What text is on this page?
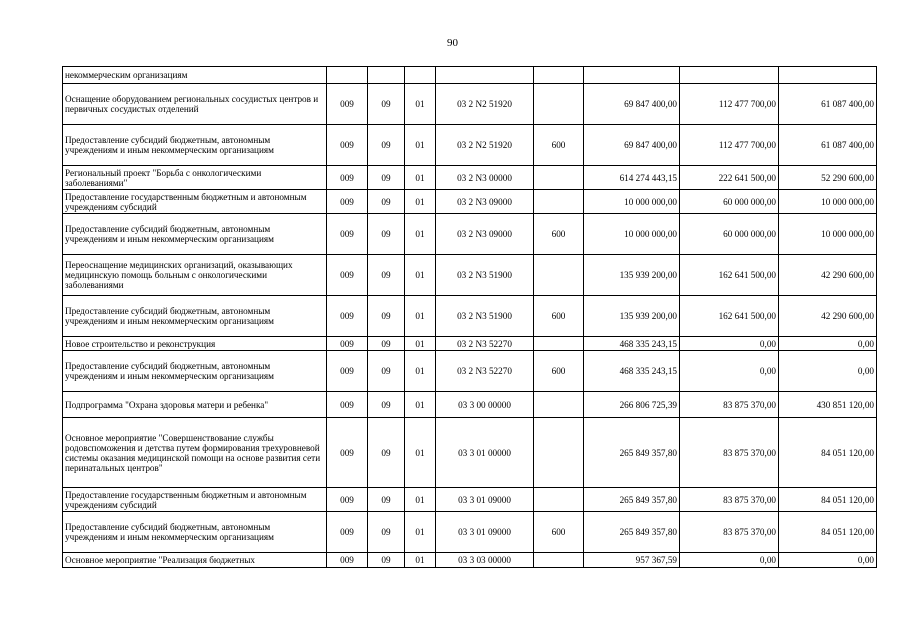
90
некоммерческим организациям								
Оснащение оборудованием региональных сосудистых центров и первичных сосудистых отделений	009	09	01	03 2 N2 51920		69 847 400,00	112 477 700,00	61 087 400,00
Предоставление субсидий бюджетным, автономным учреждениям и иным некоммерческим организациям	009	09	01	03 2 N2 51920	600	69 847 400,00	112 477 700,00	61 087 400,00
Региональный проект "Борьба с онкологическими заболеваниями"	009	09	01	03 2 N3 00000		614 274 443,15	222 641 500,00	52 290 600,00
Предоставление государственным бюджетным и автономным учреждениям субсидий	009	09	01	03 2 N3 09000		10 000 000,00	60 000 000,00	10 000 000,00
Предоставление субсидий бюджетным, автономным учреждениям и иным некоммерческим организациям	009	09	01	03 2 N3 09000	600	10 000 000,00	60 000 000,00	10 000 000,00
Переоснащение медицинских организаций, оказывающих медицинскую помощь больным с онкологическими заболеваниями	009	09	01	03 2 N3 51900		135 939 200,00	162 641 500,00	42 290 600,00
Предоставление субсидий бюджетным, автономным учреждениям и иным некоммерческим организациям	009	09	01	03 2 N3 51900	600	135 939 200,00	162 641 500,00	42 290 600,00
Новое строительство и реконструкция	009	09	01	03 2 N3 52270		468 335 243,15	0,00	0,00
Предоставление субсидий бюджетным, автономным учреждениям и иным некоммерческим организациям	009	09	01	03 2 N3 52270	600	468 335 243,15	0,00	0,00
Подпрограмма "Охрана здоровья матери и ребенка"	009	09	01	03 3 00 00000		266 806 725,39	83 875 370,00	430 851 120,00
Основное мероприятие "Совершенствование службы родовспоможения и детства путем формирования трехуровневой системы оказания медицинской помощи на основе развития сети перинатальных центров"	009	09	01	03 3 01 00000		265 849 357,80	83 875 370,00	84 051 120,00
Предоставление государственным бюджетным и автономным учреждениям субсидий	009	09	01	03 3 01 09000		265 849 357,80	83 875 370,00	84 051 120,00
Предоставление субсидий бюджетным, автономным учреждениям и иным некоммерческим организациям	009	09	01	03 3 01 09000	600	265 849 357,80	83 875 370,00	84 051 120,00
Основное мероприятие "Реализация бюджетных	009	09	01	03 3 03 00000		957 367,59	0,00	0,00
